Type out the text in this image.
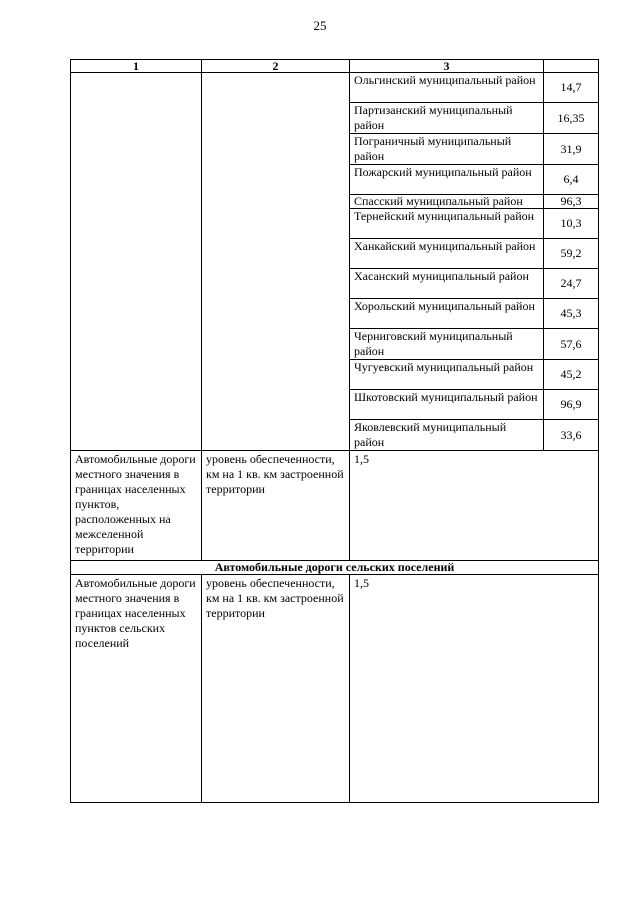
25
1	2	3	
		Ольгинский муниципальный район	14,7
		Партизанский муниципальный район	16,35
		Пограничный муниципальный район	31,9
		Пожарский муниципальный район	6,4
		Спасский муниципальный район	96,3
		Тернейский муниципальный район	10,3
		Ханкайский муниципальный район	59,2
		Хасанский муниципальный район	24,7
		Хорольский муниципальный район	45,3
		Черниговский муниципальный район	57,6
		Чугуевский муниципальный район	45,2
		Шкотовский муниципальный район	96,9
		Яковлевский муниципальный район	33,6
Автомобильные дороги местного значения в границах населенных пунктов, расположенных на межселенной территории	уровень обеспеченности, км на 1 кв. км застроенной территории	1,5	
Автомобильные дороги сельских поселений			
Автомобильные дороги местного значения в границах населенных пунктов сельских поселений	уровень обеспеченности, км на 1 кв. км застроенной территории	1,5	
